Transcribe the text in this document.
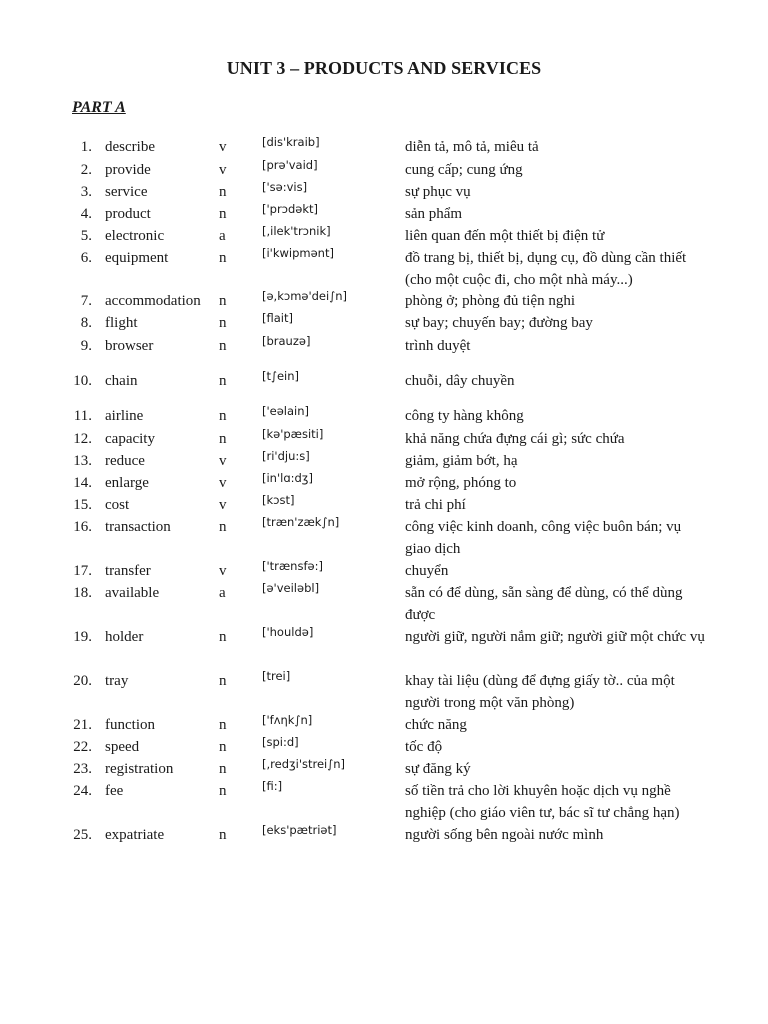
UNIT 3 – PRODUCTS AND SERVICES
PART A
1. describe	v	[dis'kraib]	diễn tả, mô tả, miêu tả
2. provide	v	[prə'vaid]	cung cấp; cung ứng
3. service	n	['sə:vis]	sự phục vụ
4. product	n	['prɔdəkt]	sản phẩm
5. electronic	a	[,ilek'trɔnik]	liên quan đến một thiết bị điện tử
6. equipment	n	[i'kwipmənt]	đồ trang bị, thiết bị, dụng cụ, đồ dùng cần thiết (cho một cuộc đi, cho một nhà máy...)
7. accommodation n	[ə,kɔmə'dei∫n]	phòng ở; phòng đủ tiện nghi
8. flight	n	[flait]	sự bay; chuyến bay; đường bay
9. browser	n	[brauzə]	trình duyệt
10. chain	n	[t∫ein]	chuỗi, dây chuyền
11. airline	n	['eəlain]	công ty hàng không
12. capacity	n	[kə'pæsiti]	khả năng chứa đựng cái gì; sức chứa
13. reduce	v	[ri'dju:s]	giảm, giảm bớt, hạ
14. enlarge	v	[in'lɑ:dʒ]	mở rộng, phóng to
15. cost	v	[kɔst]	trả chi phí
16. transaction	n	[træn'zæk∫n]	công việc kinh doanh, công việc buôn bán; vụ giao dịch
17. transfer	v	['trænsfə:]	chuyển
18. available	a	[ə'veiləbl]	sẵn có để dùng, sẵn sàng để dùng, có thể dùng được
19. holder	n	['houldə]	người giữ, người nắm giữ; người giữ một chức vụ
20. tray	n	[trei]	khay tài liệu (dùng để đựng giấy tờ.. của một người trong một văn phòng)
21. function	n	['fʌηk∫n]	chức năng
22. speed	n	[spi:d]	tốc độ
23. registration	n	[,redʒi'strei∫n]	sự đăng ký
24. fee	n	[fi:]	số tiền trả cho lời khuyên hoặc dịch vụ nghề nghiệp (cho giáo viên tư, bác sĩ tư chẳng hạn)
25. expatriate	n	[eks'pætriət]	người sống bên ngoài nước mình
